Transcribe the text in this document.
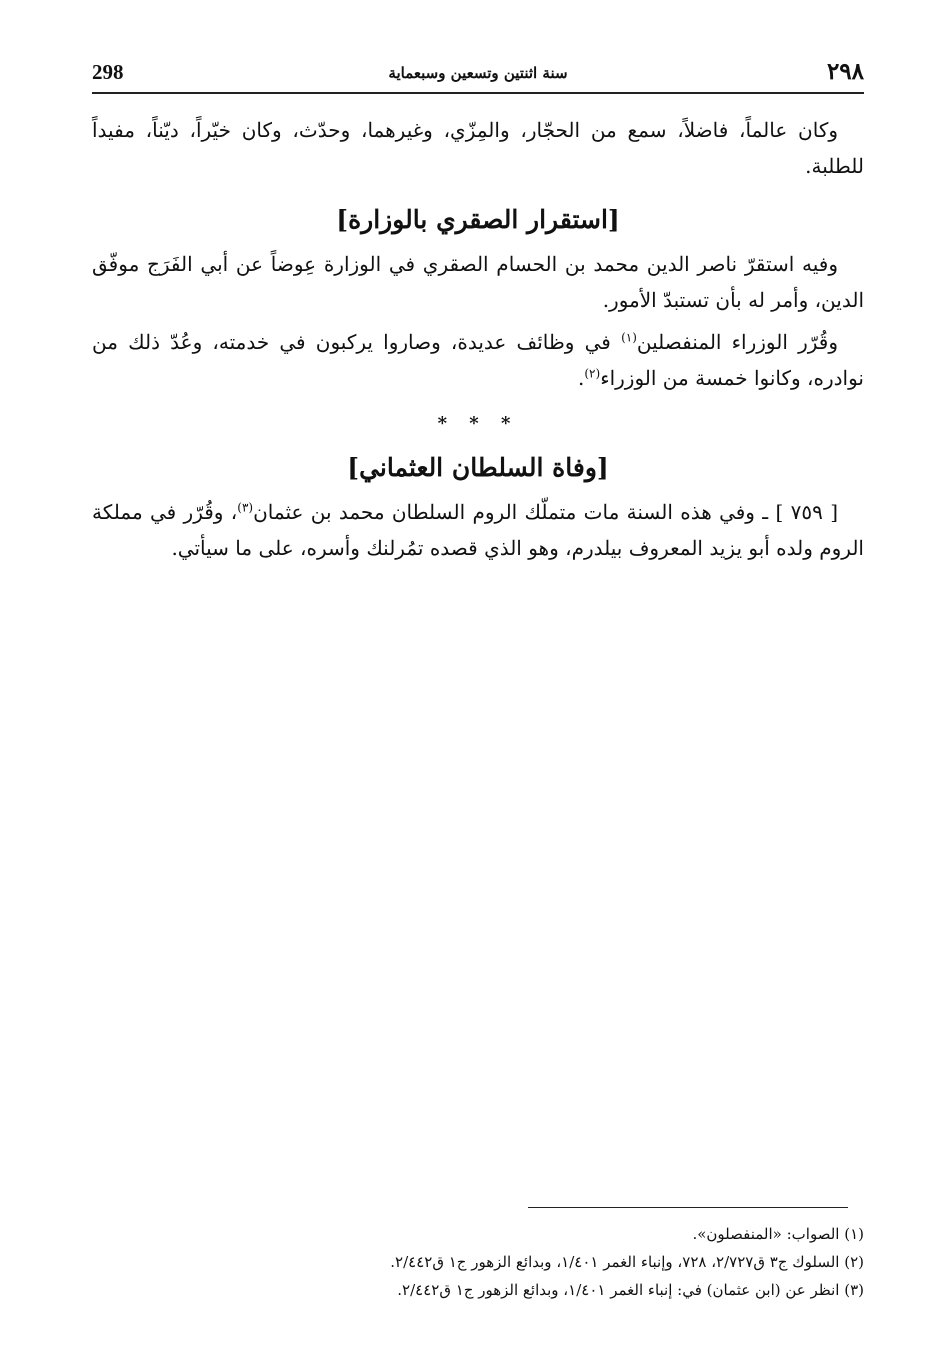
٢٩٨
سنة اثنتين وتسعين وسبعماية
298

وكان عالماً، فاضلاً، سمع من الحجّار، والمِزّي، وغيرهما، وحدّث، وكان خيّراً، ديّناً، مفيداً للطلبة.

[استقرار الصقري بالوزارة]

وفيه استقرّ ناصر الدين محمد بن الحسام الصقري في الوزارة عِوضاً عن أبي الفَرَج موفّق الدين، وأمر له بأن تستبدّ الأمور.

وقُرّر الوزراء المنفصلين$^{(١)}$ في وظائف عديدة، وصاروا يركبون في خدمته، وعُدّ ذلك من نوادره، وكانوا خمسة من الوزراء$^{(٢)}$.

* * *
[وفاة السلطان العثماني]

[ ٧٥٩ ] ـ وفي هذه السنة مات متملّك الروم السلطان محمد بن عثمان$^{(٣)}$، وقُرّر في مملكة الروم ولده أبو يزيد المعروف بيلدرم، وهو الذي قصده تمُرلنك وأسره، على ما سيأتي.

(١) الصواب: «المنفصلون».

(٢) السلوك ج٣ ق٢/٧٢٧، ٧٢٨، وإنباء الغمر ١/٤٠١، وبدائع الزهور ج١ ق٢/٤٤٢.

(٣) انظر عن (ابن عثمان) في: إنباء الغمر ١/٤٠١، وبدائع الزهور ج١ ق٢/٤٤٢.
